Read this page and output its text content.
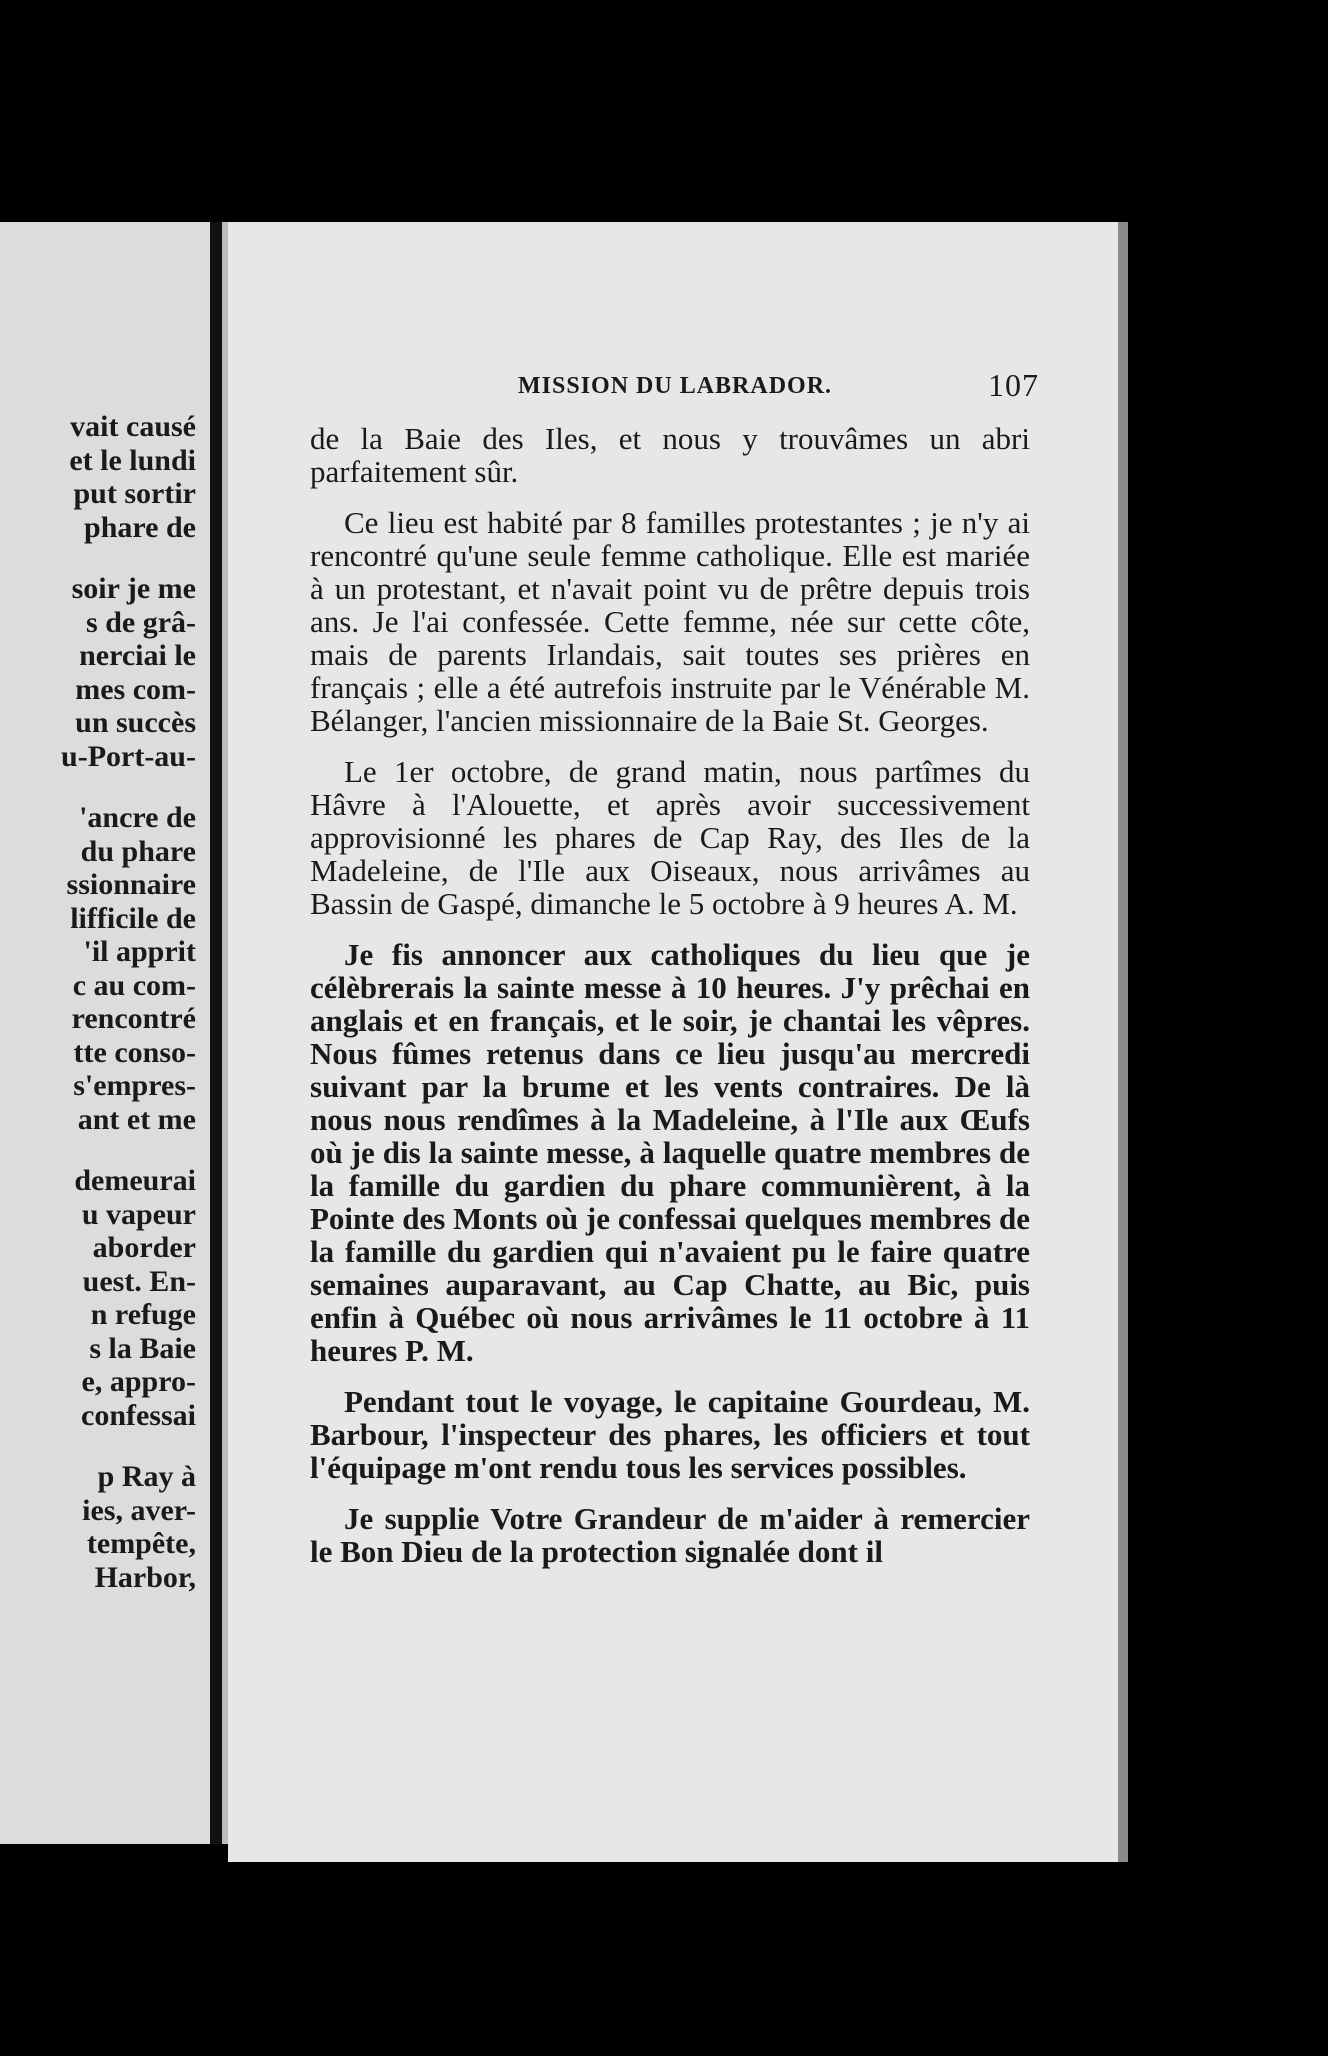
vait causé
et le lundi
put sortir
phare de
soir je me
s de grâ-
nerciai le
mes com-
un succès
u-Port-au-
'ancre de
du phare
ssionnaire
lifficile de
'il apprit
c au com-
rencontré
tte conso-
s'empres-
ant et me
demeurai
u vapeur
aborder
uest. En-
n refuge
s la Baie
e, appro-
confessai
p Ray à
ies, aver-
tempête,
Harbor,
MISSION DU LABRADOR.	107

de la Baie des Iles, et nous y trouvâmes un abri parfaitement sûr.

Ce lieu est habité par 8 familles protestantes ; je n'y ai rencontré qu'une seule femme catholique. Elle est mariée à un protestant, et n'avait point vu de prêtre depuis trois ans. Je l'ai confessée. Cette femme, née sur cette côte, mais de parents Irlandais, sait toutes ses prières en français ; elle a été autrefois instruite par le Vénérable M. Bélanger, l'ancien missionnaire de la Baie St. Georges.

Le 1er octobre, de grand matin, nous partîmes du Hâvre à l'Alouette, et après avoir successivement approvisionné les phares de Cap Ray, des Iles de la Madeleine, de l'Ile aux Oiseaux, nous arrivâmes au Bassin de Gaspé, dimanche le 5 octobre à 9 heures A. M.

Je fis annoncer aux catholiques du lieu que je célèbrerais la sainte messe à 10 heures. J'y prêchai en anglais et en français, et le soir, je chantai les vêpres. Nous fûmes retenus dans ce lieu jusqu'au mercredi suivant par la brume et les vents contraires. De là nous nous rendîmes à la Madeleine, à l'Ile aux Œufs où je dis la sainte messe, à laquelle quatre membres de la famille du gardien du phare communièrent, à la Pointe des Monts où je confessai quelques membres de la famille du gardien qui n'avaient pu le faire quatre semaines auparavant, au Cap Chatte, au Bic, puis enfin à Québec où nous arrivâmes le 11 octobre à 11 heures P. M.

Pendant tout le voyage, le capitaine Gourdeau, M. Barbour, l'inspecteur des phares, les officiers et tout l'équipage m'ont rendu tous les services possibles.

Je supplie Votre Grandeur de m'aider à remercier le Bon Dieu de la protection signalée dont il
